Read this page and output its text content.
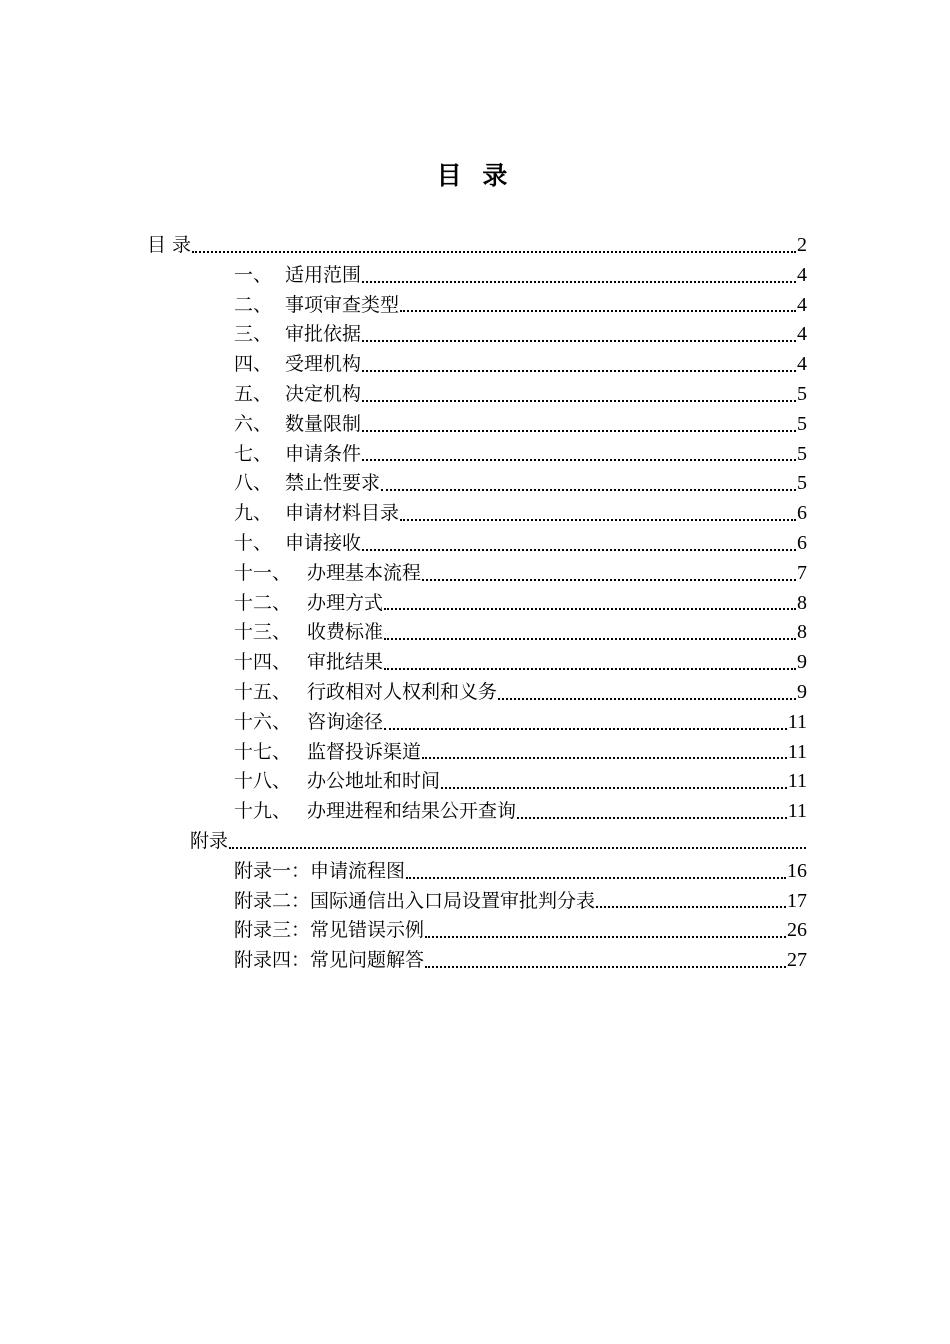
目 录
目 录	2
一、 适用范围	4
二、 事项审查类型	4
三、 审批依据	4
四、 受理机构	4
五、 决定机构	5
六、 数量限制	5
七、 申请条件	5
八、 禁止性要求	5
九、 申请材料目录	6
十、 申请接收	6
十一、 办理基本流程	7
十二、 办理方式	8
十三、 收费标准	8
十四、 审批结果	9
十五、 行政相对人权利和义务	9
十六、 咨询途径	11
十七、 监督投诉渠道	11
十八、 办公地址和时间	11
十九、 办理进程和结果公开查询	11
附录
附录一：申请流程图	16
附录二：国际通信出入口局设置审批判分表	17
附录三：常见错误示例	26
附录四：常见问题解答	27
